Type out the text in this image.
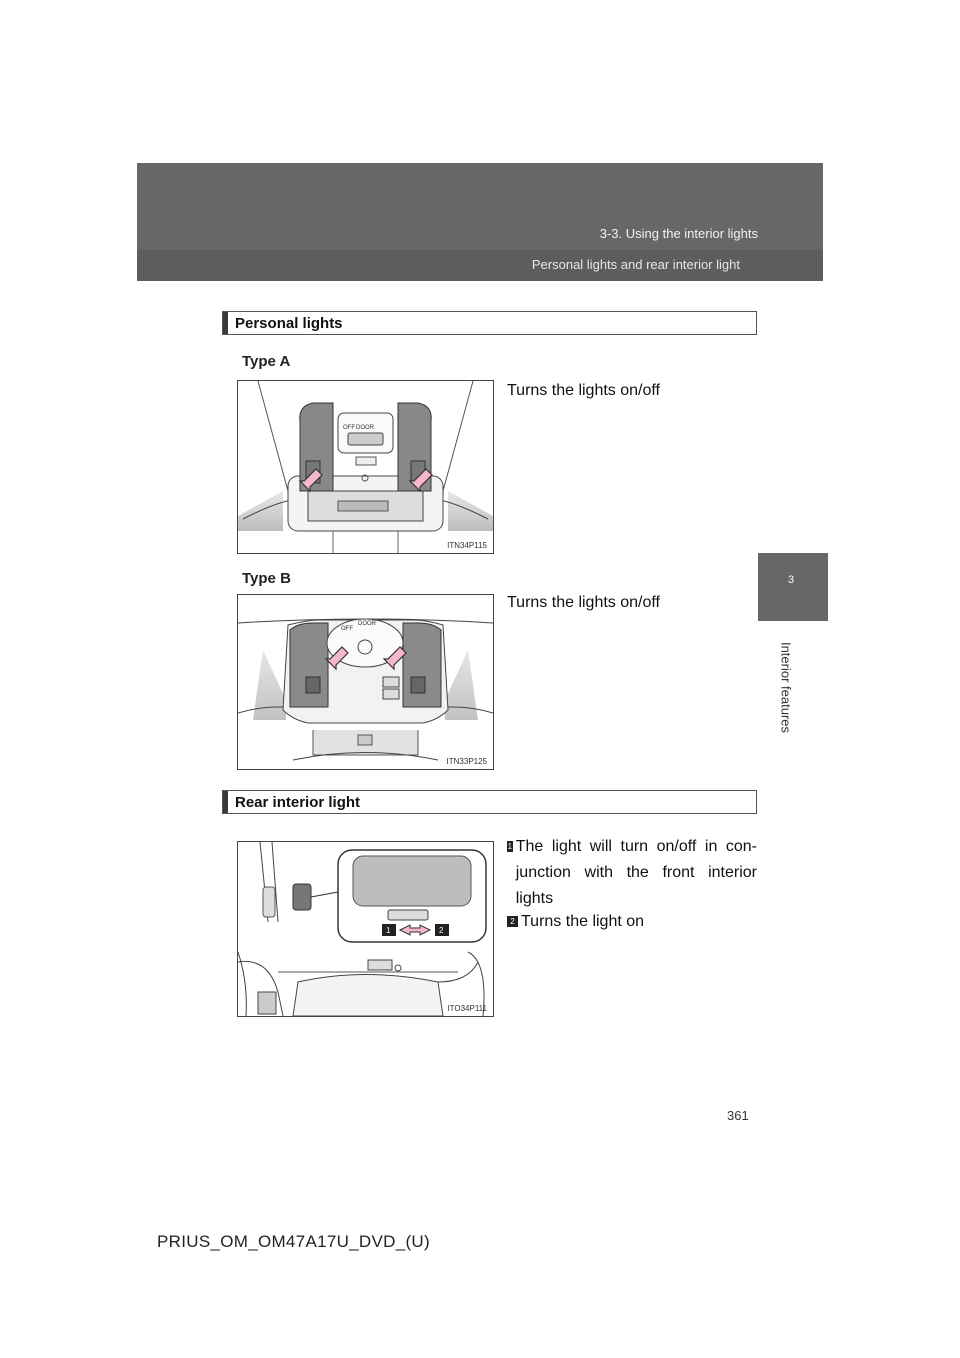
3-3. Using the interior lights
Personal lights and rear interior light
3
Interior features
Personal lights
Type A
Turns the lights on/off
OFF DOOR
ITN34P115
Type B
Turns the lights on/off
OFF
DOOR
ITN33P125
Rear interior light
1	2
ITO34P111
1 The light will turn on/off in con-junction with the front interior lights
2 Turns the light on
361
PRIUS_OM_OM47A17U_DVD_(U)
